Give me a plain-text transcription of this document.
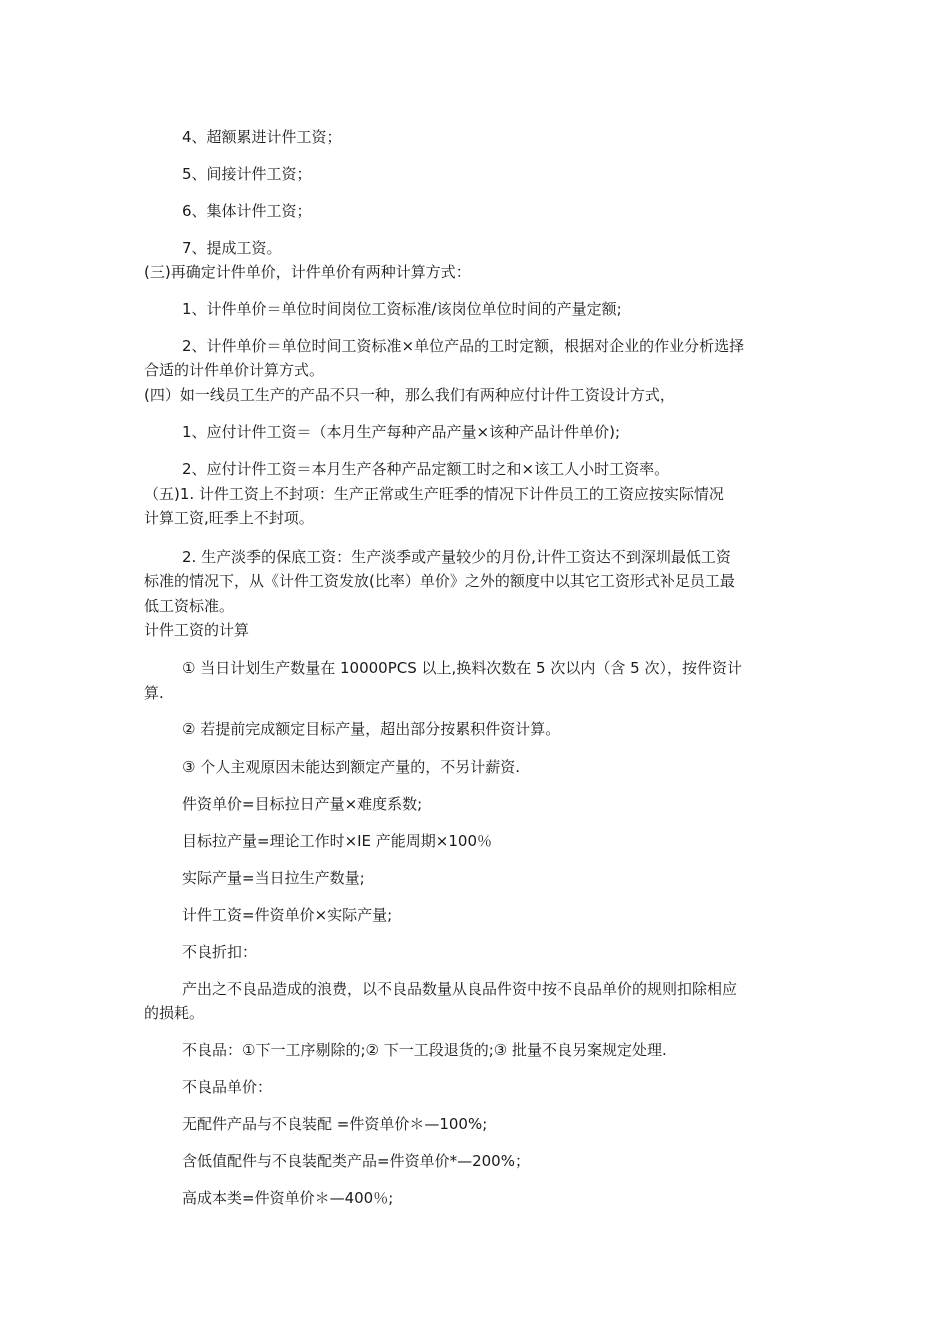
4、超额累进计件工资；

5、间接计件工资；

6、集体计件工资；

7、提成工资。

(三)再确定计件单价，计件单价有两种计算方式：

1、计件单价＝单位时间岗位工资标准/该岗位单位时间的产量定额;

2、计件单价＝单位时间工资标准×单位产品的工时定额，根据对企业的作业分析选择

合适的计件单价计算方式。

(四）如一线员工生产的产品不只一种，那么我们有两种应付计件工资设计方式，

1、应付计件工资＝（本月生产每种产品产量×该种产品计件单价);

2、应付计件工资＝本月生产各种产品定额工时之和×该工人小时工资率。

（五)1. 计件工资上不封项：生产正常或生产旺季的情况下计件员工的工资应按实际情况

计算工资,旺季上不封项。

2. 生产淡季的保底工资：生产淡季或产量较少的月份,计件工资达不到深圳最低工资

标准的情况下，从《计件工资发放(比率）单价》之外的额度中以其它工资形式补足员工最

低工资标准。

计件工资的计算

① 当日计划生产数量在 10000PCS 以上,换料次数在 5 次以内（含 5 次），按件资计

算.

② 若提前完成额定目标产量，超出部分按累积件资计算。

③ 个人主观原因未能达到额定产量的，不另计薪资.

件资单价=目标拉日产量×难度系数;

目标拉产量=理论工作时×IE 产能周期×100％

实际产量=当日拉生产数量;

计件工资=件资单价×实际产量;

不良折扣：

产出之不良品造成的浪费，以不良品数量从良品件资中按不良品单价的规则扣除相应

的损耗。

不良品：①下一工序剔除的;② 下一工段退货的;③ 批量不良另案规定处理.

不良品单价：

无配件产品与不良装配 =件资单价＊—100%;

含低值配件与不良装配类产品=件资单价*—200%；

高成本类=件资单价＊—400％;
